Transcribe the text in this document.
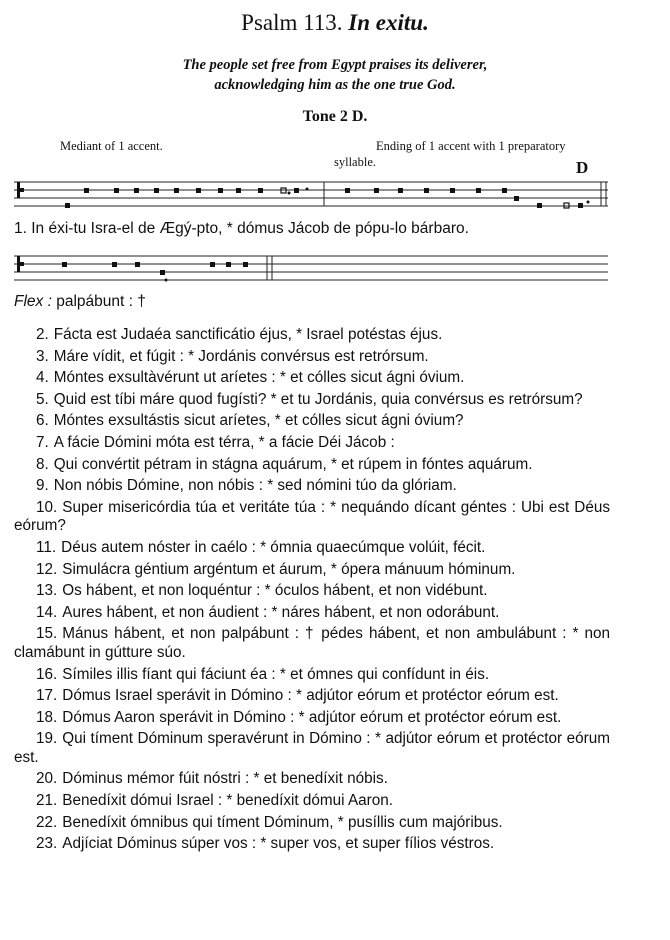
Psalm 113. In exitu.
The people set free from Egypt praises its deliverer,
acknowledging him as the one true God.
Tone 2 D.
Mediant of 1 accent.	Ending of 1 accent with 1 preparatory
syllable.	D
1. In éxi-tu Isra-el de Ægý-pto, * dómus Jácob de pópu-lo bárbaro.
Flex : palpábunt : †

2. Fácta est Judaéa sanctificátio éjus, * Israel potéstas éjus.

3. Máre vídit, et fúgit : * Jordánis convérsus est retrórsum.

4. Móntes exsultàvérunt ut aríetes : * et cólles sicut ágni óvium.

5. Quid est tíbi máre quod fugísti? * et tu Jordánis, quia convérsus es retrórsum?

6. Móntes exsultástis sicut aríetes, * et cólles sicut ágni óvium?

7. A fácie Dómini móta est térra, * a fácie Déi Jácob :

8. Qui convértit pétram in stágna aquárum, * et rúpem in fóntes aquárum.

9. Non nóbis Dómine, non nóbis : * sed nómini túo da glóriam.

10. Super misericórdia túa et veritáte túa : * nequándo dícant géntes : Ubi est Déus eórum?

11. Déus autem nóster in caélo : * ómnia quaecúmque volúit, fécit.

12. Simulácra géntium argéntum et áurum, * ópera mánuum hóminum.

13. Os hábent, et non loquéntur : * óculos hábent, et non vidébunt.

14. Aures hábent, et non áudient : * náres hábent, et non odorábunt.

15. Mánus hábent, et non palpábunt : † pédes hábent, et non ambulábunt : * non clamábunt in gútture súo.

16. Símiles illis fíant qui fáciunt éa : * et ómnes qui confídunt in éis.

17. Dómus Israel sperávit in Dómino : * adjútor eórum et protéctor eórum est.

18. Dómus Aaron sperávit in Dómino : * adjútor eórum et protéctor eórum est.

19. Qui tíment Dóminum speravérunt in Dómino : * adjútor eórum et protéctor eórum est.

20. Dóminus mémor fúit nóstri : * et benedíxit nóbis.

21. Benedíxit dómui Israel : * benedíxit dómui Aaron.

22. Benedíxit ómnibus qui tíment Dóminum, * pusíllis cum majóribus.

23. Adjíciat Dóminus súper vos : * super vos, et super fílios véstros.
